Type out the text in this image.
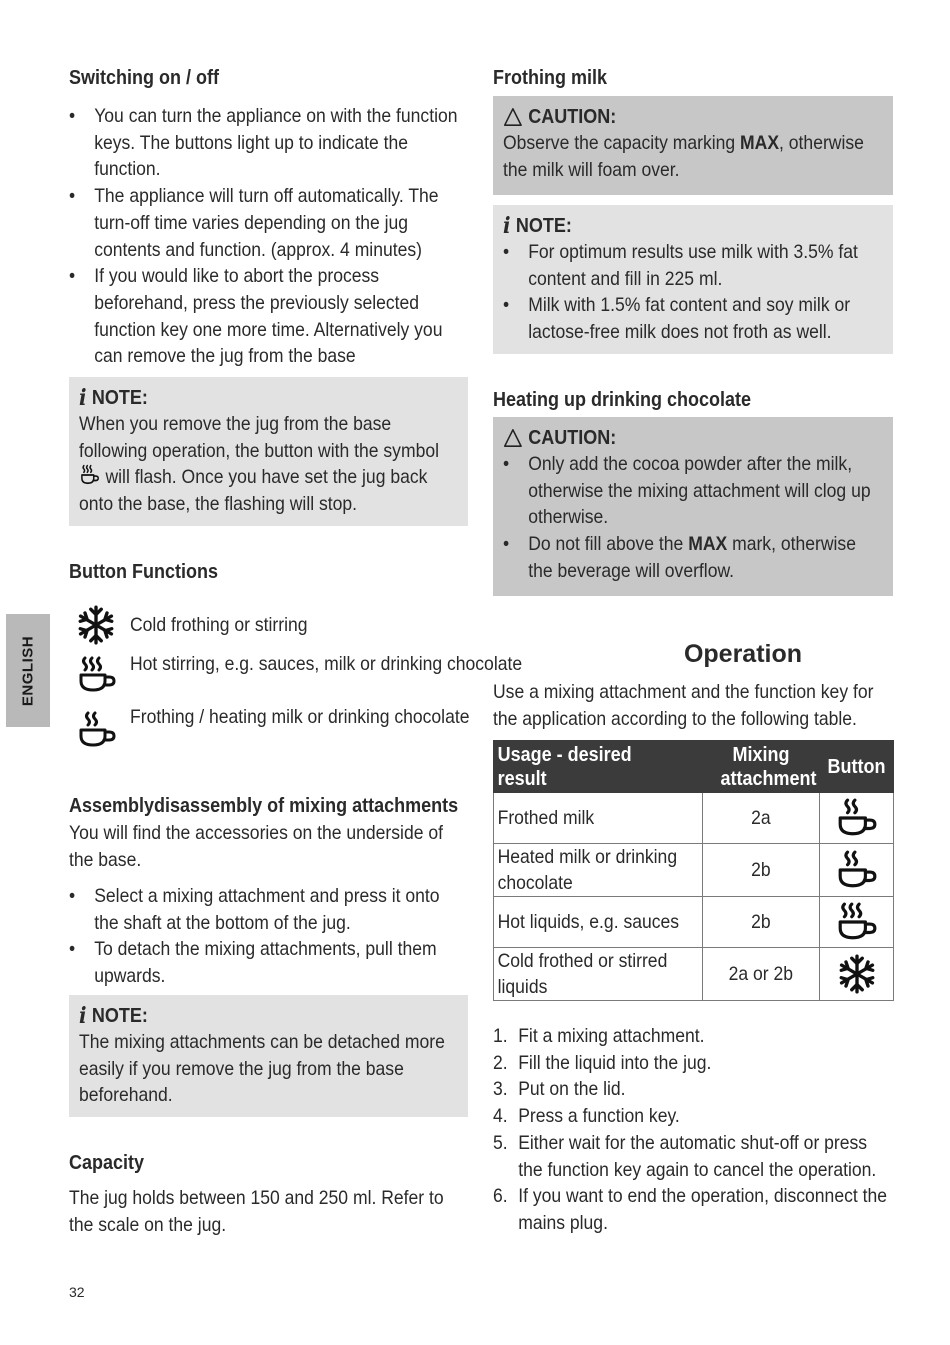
ENGLISH
Switching on / off
• You can turn the appliance on with the function keys. The buttons light up to indicate the function.
• The appliance will turn off automatically. The turn-off time varies depending on the jug contents and function. (approx. 4 minutes)
• If you would like to abort the process beforehand, press the previously selected function key one more time. Alternatively you can remove the jug from the base
i NOTE:
When you remove the jug from the base following operation, the button with the symbol  will flash. Once you have set the jug back onto the base, the flashing will stop.
Button Functions
Cold frothing or stirring
Hot stirring, e.g. sauces, milk or drinking chocolate
Frothing / heating milk or drinking chocolate
Assemblydisassembly of mixing attachments
You will find the accessories on the underside of the base.
• Select a mixing attachment and press it onto the shaft at the bottom of the jug.
• To detach the mixing attachments, pull them upwards.
i NOTE:
The mixing attachments can be detached more easily if you remove the jug from the base beforehand.
Capacity
The jug holds between 150 and 250 ml. Refer to the scale on the jug.
Frothing milk
CAUTION:
Observe the capacity marking MAX, otherwise the milk will foam over.
i NOTE:
• For optimum results use milk with 3.5% fat content and fill in 225 ml.
• Milk with 1.5% fat content and soy milk or lactose-free milk does not froth as well.
Heating up drinking chocolate
CAUTION:
• Only add the cocoa powder after the milk, otherwise the mixing attachment will clog up otherwise.
• Do not fill above the MAX mark, otherwise the beverage will overflow.
Operation
Use a mixing attachment and the function key for the application according to the following table.
Usage - desired result	Mixing attachment	Button

Frothed milk	2a	

Heated milk or drinking chocolate	2b	

Hot liquids, e.g. sauces	2b	

Cold frothed or stirred liquids	2a or 2b	
1. Fit a mixing attachment.
2. Fill the liquid into the jug.
3. Put on the lid.
4. Press a function key.
5. Either wait for the automatic shut-off or press the function key again to cancel the operation.
6. If you want to end the operation, disconnect the mains plug.
32
